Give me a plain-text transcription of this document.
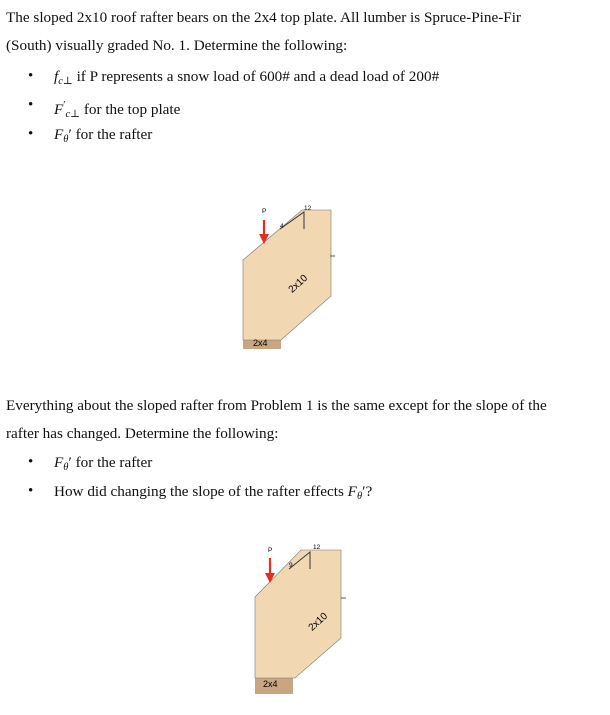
The sloped 2x10 roof rafter bears on the 2x4 top plate. All lumber is Spruce-Pine-Fir
(South) visually graded No. 1. Determine the following:
• $f_{c\perp}$ if P represents a snow load of 600# and a dead load of 200#
• $F'_{c\perp}$ for the top plate
• $F_\theta'$ for the rafter
12
4
P
2x10
2x4
Everything about the sloped rafter from Problem 1 is the same except for the slope of the
rafter has changed. Determine the following:
• $F_\theta'$ for the rafter
• How did changing the slope of the rafter effects $F_\theta'$?
12
9
P
2x10
2x4
